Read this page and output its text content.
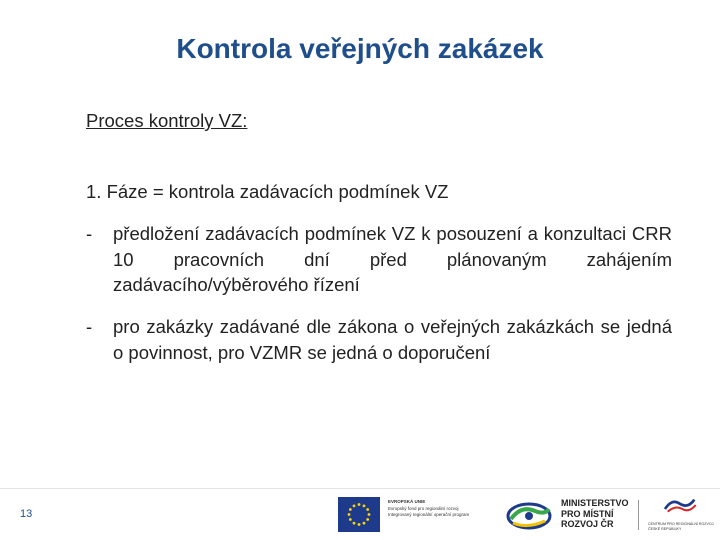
Kontrola veřejných zakázek
Proces kontroly VZ:
1. Fáze = kontrola zadávacích podmínek VZ
- předložení zadávacích podmínek VZ k posouzení a konzultaci CRR 10 pracovních dní před plánovaným zahájením zadávacího/výběrového řízení
- pro zakázky zadávané dle zákona o veřejných zakázkách se jedná o povinnost, pro VZMR se jedná o doporučení
13
EVROPSKÁ UNIE
Evropský fond pro regionální rozvoj
Integrovaný regionální operační program
MINISTERSTVO
PRO MÍSTNÍ
ROZVOJ ČR	CENTRUM PRO REGIONÁLNÍ ROZVOJ
ČESKÉ REPUBLIKY
